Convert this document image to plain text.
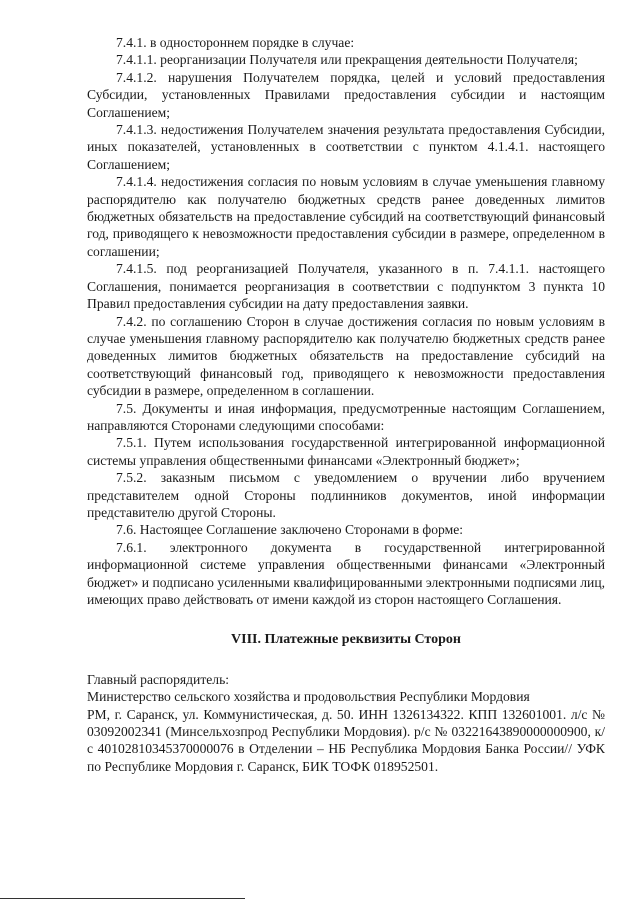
7.4.1. в одностороннем порядке в случае:

7.4.1.1. реорганизации Получателя или прекращения деятельности Получателя;

7.4.1.2. нарушения Получателем порядка, целей и условий предоставления Субсидии, установленных Правилами предоставления субсидии и настоящим Соглашением;

7.4.1.3. недостижения Получателем значения результата предоставления Субсидии, иных показателей, установленных в соответствии с пунктом 4.1.4.1. настоящего Соглашением;

7.4.1.4. недостижения согласия по новым условиям в случае уменьшения главному распорядителю как получателю бюджетных средств ранее доведенных лимитов бюджетных обязательств на предоставление субсидий на соответствующий финансовый год, приводящего к невозможности предоставления субсидии в размере, определенном в соглашении;

7.4.1.5. под реорганизацией Получателя, указанного в п. 7.4.1.1. настоящего Соглашения, понимается реорганизация в соответствии с подпунктом 3 пункта 10 Правил предоставления субсидии на дату предоставления заявки.

7.4.2. по соглашению Сторон в случае достижения согласия по новым условиям в случае уменьшения главному распорядителю как получателю бюджетных средств ранее доведенных лимитов бюджетных обязательств на предоставление субсидий на соответствующий финансовый год, приводящего к невозможности предоставления субсидии в размере, определенном в соглашении.

7.5. Документы и иная информация, предусмотренные настоящим Соглашением, направляются Сторонами следующими способами:

7.5.1. Путем использования государственной интегрированной информационной системы управления общественными финансами «Электронный бюджет»;

7.5.2. заказным письмом с уведомлением о вручении либо вручением представителем одной Стороны подлинников документов, иной информации представителю другой Стороны.

7.6. Настоящее Соглашение заключено Сторонами в форме:

7.6.1. электронного документа в государственной интегрированной информационной системе управления общественными финансами «Электронный бюджет» и подписано усиленными квалифицированными электронными подписями лиц, имеющих право действовать от имени каждой из сторон настоящего Соглашения.

VIII. Платежные реквизиты Сторон

Главный распорядитель:

Министерство сельского хозяйства и продовольствия Республики Мордовия

РМ, г. Саранск, ул. Коммунистическая, д. 50. ИНН 1326134322. КПП 132601001. л/с № 03092002341 (Минсельхозпрод Республики Мордовия). р/с № 03221643890000000900, к/с 40102810345370000076 в Отделении – НБ Республика Мордовия Банка России// УФК по Республике Мордовия г. Саранск, БИК ТОФК 018952501.
